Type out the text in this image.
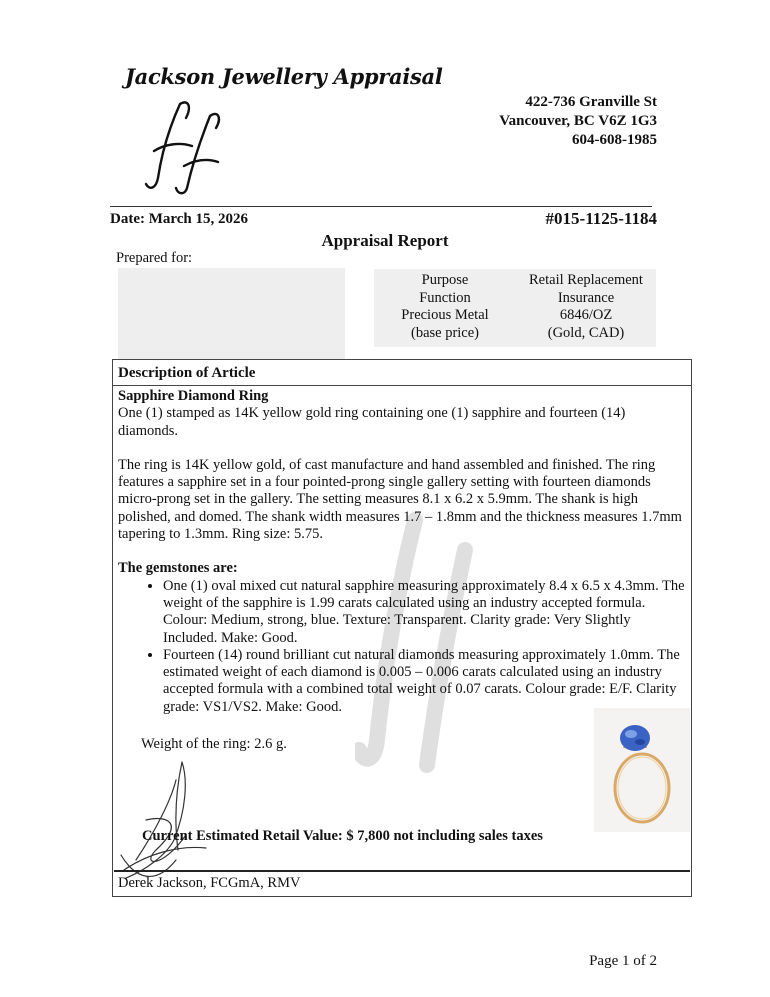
Jackson Jewellery Appraisal
422-736 Granville St
Vancouver, BC V6Z 1G3
604-608-1985
Date: March 15, 2026	#015-1125-1184
Appraisal Report
Prepared for:
Purpose
Function
Precious Metal
(base price)
Retail Replacement
Insurance
6846/OZ
(Gold, CAD)
Description of Article

Sapphire Diamond Ring

One (1) stamped as 14K yellow gold ring containing one (1) sapphire and fourteen (14) diamonds.

The ring is 14K yellow gold, of cast manufacture and hand assembled and finished. The ring features a sapphire set in a four pointed-prong single gallery setting with fourteen diamonds micro-prong set in the gallery. The setting measures 8.1 x 6.2 x 5.9mm. The shank is high polished, and domed. The shank width measures 1.7 – 1.8mm and the thickness measures 1.7mm tapering to 1.3mm. Ring size: 5.75.

The gemstones are:

• One (1) oval mixed cut natural sapphire measuring approximately 8.4 x 6.5 x 4.3mm. The weight of the sapphire is 1.99 carats calculated using an industry accepted formula. Colour: Medium, strong, blue. Texture: Transparent. Clarity grade: Very Slightly Included. Make: Good.
• Fourteen (14) round brilliant cut natural diamonds measuring approximately 1.0mm. The estimated weight of each diamond is 0.005 – 0.006 carats calculated using an industry accepted formula with a combined total weight of 0.07 carats. Colour grade: E/F. Clarity grade: VS1/VS2. Make: Good.
Weight of the ring: 2.6 g.
Current Estimated Retail Value: $ 7,800 not including sales taxes
Derek Jackson, FCGmA, RMV
Page 1 of 2
